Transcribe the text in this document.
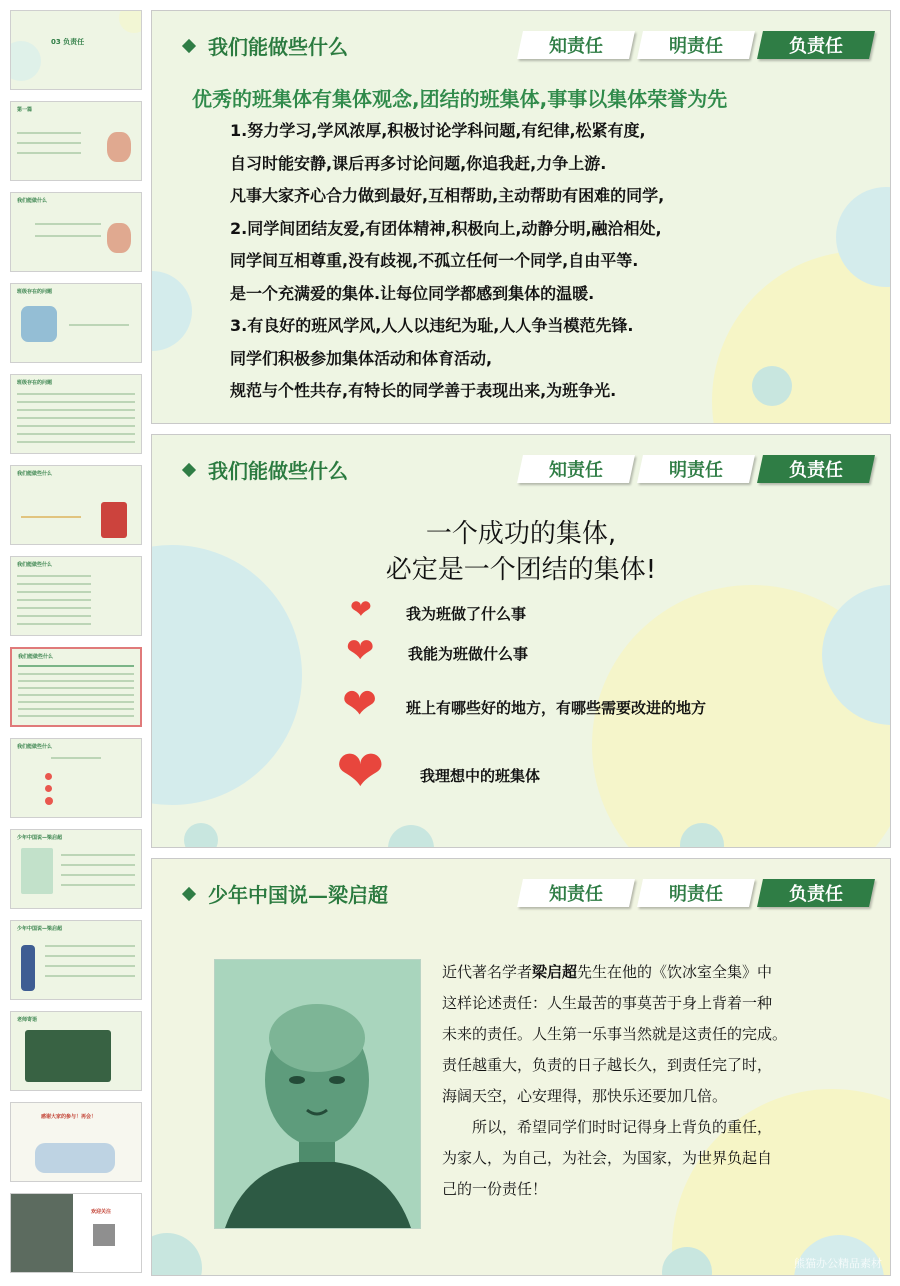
03 负责任
第一篇
我们能做什么
班级存在的问题
班级存在的问题
我们能做些什么
我们能做些什么
我们能做些什么
我们能做些什么
少年中国说—梁启超
少年中国说—梁启超
老师寄语
感谢大家的参与！再会！
欢迎关注
我们能做些什么	知责任	明责任	负责任
优秀的班集体有集体观念,团结的班集体,事事以集体荣誉为先
1.努力学习,学风浓厚,积极讨论学科问题,有纪律,松紧有度,
自习时能安静,课后再多讨论问题,你追我赶,力争上游.
凡事大家齐心合力做到最好,互相帮助,主动帮助有困难的同学,
2.同学间团结友爱,有团体精神,积极向上,动静分明,融洽相处,
同学间互相尊重,没有歧视,不孤立任何一个同学,自由平等.
是一个充满爱的集体.让每位同学都感到集体的温暖.
3.有良好的班风学风,人人以违纪为耻,人人争当模范先锋.
同学们积极参加集体活动和体育活动,
规范与个性共存,有特长的同学善于表现出来,为班争光.
我们能做些什么	知责任	明责任	负责任
一个成功的集体,
必定是一个团结的集体!
❤ 我为班做了什么事
❤ 我能为班做什么事
❤ 班上有哪些好的地方，有哪些需要改进的地方
❤ 我理想中的班集体
少年中国说—梁启超	知责任	明责任	负责任
近代著名学者梁启超先生在他的《饮冰室全集》中
这样论述责任：人生最苦的事莫苦于身上背着一种
未来的责任。人生第一乐事当然就是这责任的完成。
责任越重大，负责的日子越长久，到责任完了时，
海阔天空，心安理得，那快乐还要加几倍。
　　所以，希望同学们时时记得身上背负的重任，
为家人，为自己，为社会，为国家，为世界负起自
己的一份责任！
熊猫办公精品素材
